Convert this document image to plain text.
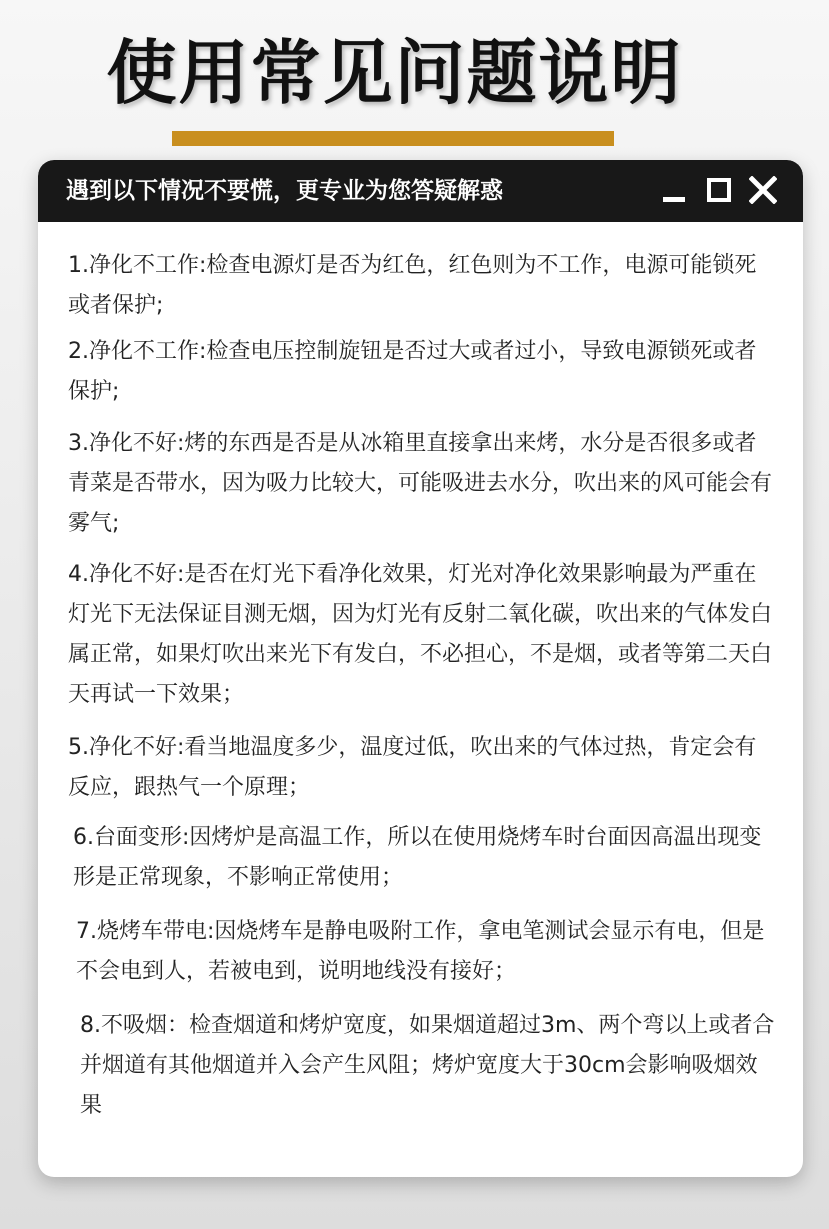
使用常见问题说明
遇到以下情况不要慌，更专业为您答疑解惑
1.净化不工作:检查电源灯是否为红色，红色则为不工作，电源可能锁死或者保护;
2.净化不工作:检查电压控制旋钮是否过大或者过小，导致电源锁死或者保护;
3.净化不好:烤的东西是否是从冰箱里直接拿出来烤，水分是否很多或者青菜是否带水，因为吸力比较大，可能吸进去水分，吹出来的风可能会有雾气;
4.净化不好:是否在灯光下看净化效果，灯光对净化效果影响最为严重在灯光下无法保证目测无烟，因为灯光有反射二氧化碳，吹出来的气体发白属正常，如果灯吹出来光下有发白，不必担心，不是烟，或者等第二天白天再试一下效果；
5.净化不好:看当地温度多少，温度过低，吹出来的气体过热，肯定会有反应，跟热气一个原理；
6.台面变形:因烤炉是高温工作，所以在使用烧烤车时台面因高温出现变形是正常现象，不影响正常使用；
7.烧烤车带电:因烧烤车是静电吸附工作，拿电笔测试会显示有电，但是不会电到人，若被电到，说明地线没有接好；
8.不吸烟：检查烟道和烤炉宽度，如果烟道超过3m、两个弯以上或者合并烟道有其他烟道并入会产生风阻；烤炉宽度大于30cm会影响吸烟效果
